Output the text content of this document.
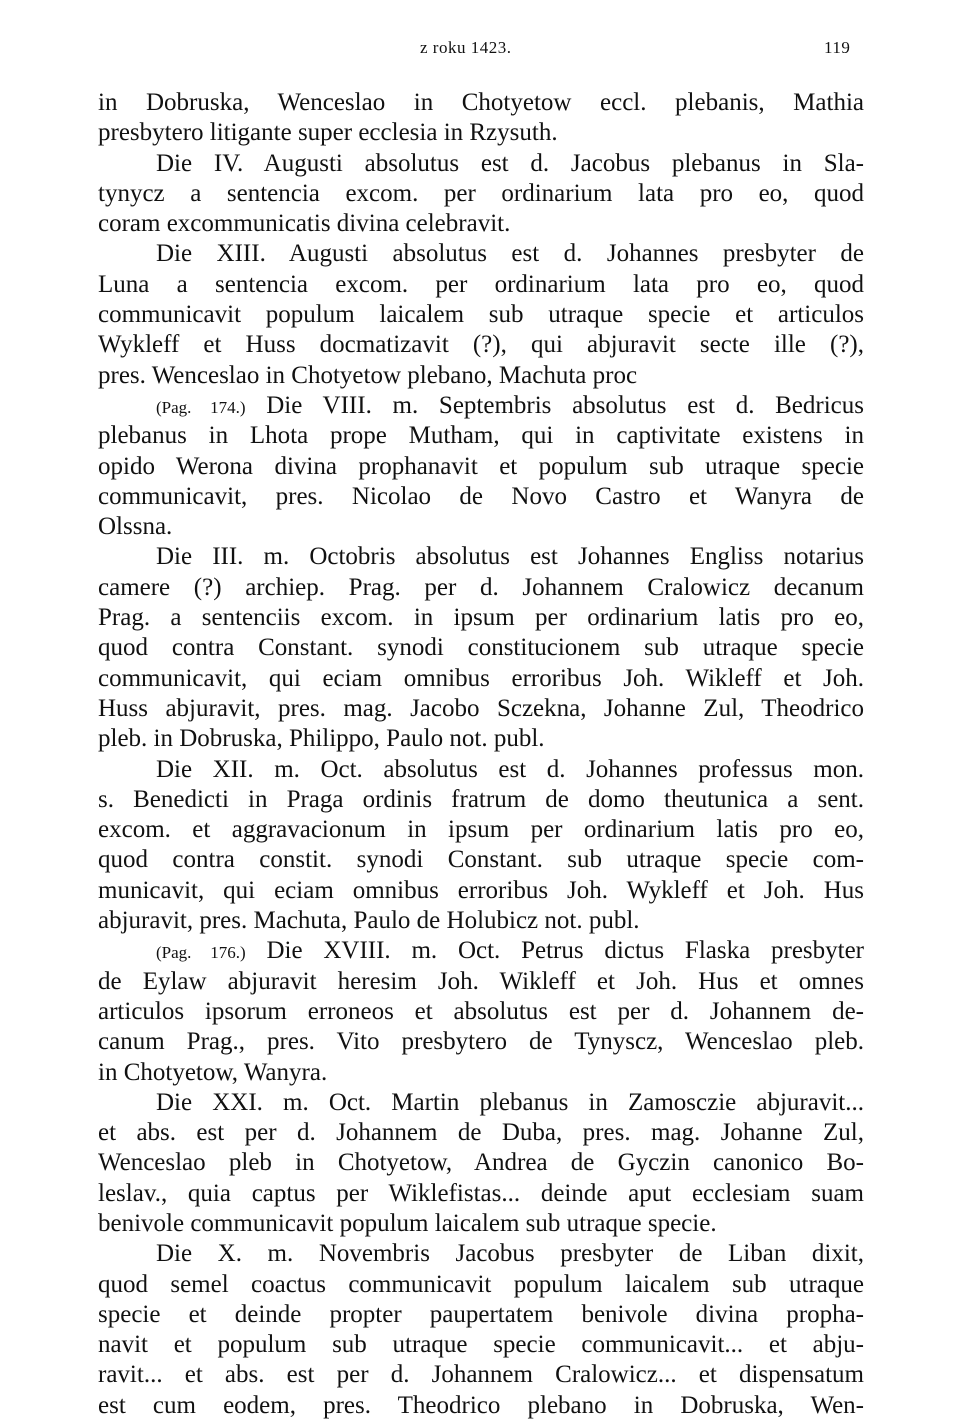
z roku 1423.	119
in Dobruska, Wenceslao in Chotyetow eccl. plebanis, Mathia
presbytero litigante super ecclesia in Rzysuth.
Die IV. Augusti absolutus est d. Jacobus plebanus in Sla-
tynycz a sentencia excom. per ordinarium lata pro eo, quod
coram excommunicatis divina celebravit.
Die XIII. Augusti absolutus est d. Johannes presbyter de
Luna a sentencia excom. per ordinarium lata pro eo, quod
communicavit populum laicalem sub utraque specie et articulos
Wykleff et Huss docmatizavit (?), qui abjuravit secte ille (?),
pres. Wenceslao in Chotyetow plebano, Machuta proc
(Pag. 174.) Die VIII. m. Septembris absolutus est d. Bedricus
plebanus in Lhota prope Mutham, qui in captivitate existens in
opido Werona divina prophanavit et populum sub utraque specie
communicavit, pres. Nicolao de Novo Castro et Wanyra de
Olssna.
Die III. m. Octobris absolutus est Johannes Engliss notarius
camere (?) archiep. Prag. per d. Johannem Cralowicz decanum
Prag. a sentenciis excom. in ipsum per ordinarium latis pro eo,
quod contra Constant. synodi constitucionem sub utraque specie
communicavit, qui eciam omnibus erroribus Joh. Wikleff et Joh.
Huss abjuravit, pres. mag. Jacobo Sczekna, Johanne Zul, Theodrico
pleb. in Dobruska, Philippo, Paulo not. publ.
Die XII. m. Oct. absolutus est d. Johannes professus mon.
s. Benedicti in Praga ordinis fratrum de domo theutunica a sent.
excom. et aggravacionum in ipsum per ordinarium latis pro eo,
quod contra constit. synodi Constant. sub utraque specie com-
municavit, qui eciam omnibus erroribus Joh. Wykleff et Joh. Hus
abjuravit, pres. Machuta, Paulo de Holubicz not. publ.
(Pag. 176.) Die XVIII. m. Oct. Petrus dictus Flaska presbyter
de Eylaw abjuravit heresim Joh. Wikleff et Joh. Hus et omnes
articulos ipsorum erroneos et absolutus est per d. Johannem de-
canum Prag., pres. Vito presbytero de Tynyscz, Wenceslao pleb.
in Chotyetow, Wanyra.
Die XXI. m. Oct. Martin plebanus in Zamosczie abjuravit...
et abs. est per d. Johannem de Duba, pres. mag. Johanne Zul,
Wenceslao pleb in Chotyetow, Andrea de Gyczin canonico Bo-
leslav., quia captus per Wiklefistas... deinde aput ecclesiam suam
benivole communicavit populum laicalem sub utraque specie.
Die X. m. Novembris Jacobus presbyter de Liban dixit,
quod semel coactus communicavit populum laicalem sub utraque
specie et deinde propter paupertatem benivole divina propha-
navit et populum sub utraque specie communicavit... et abju-
ravit... et abs. est per d. Johannem Cralowicz... et dispensatum
est cum eodem, pres. Theodrico plebano in Dobruska, Wen-
